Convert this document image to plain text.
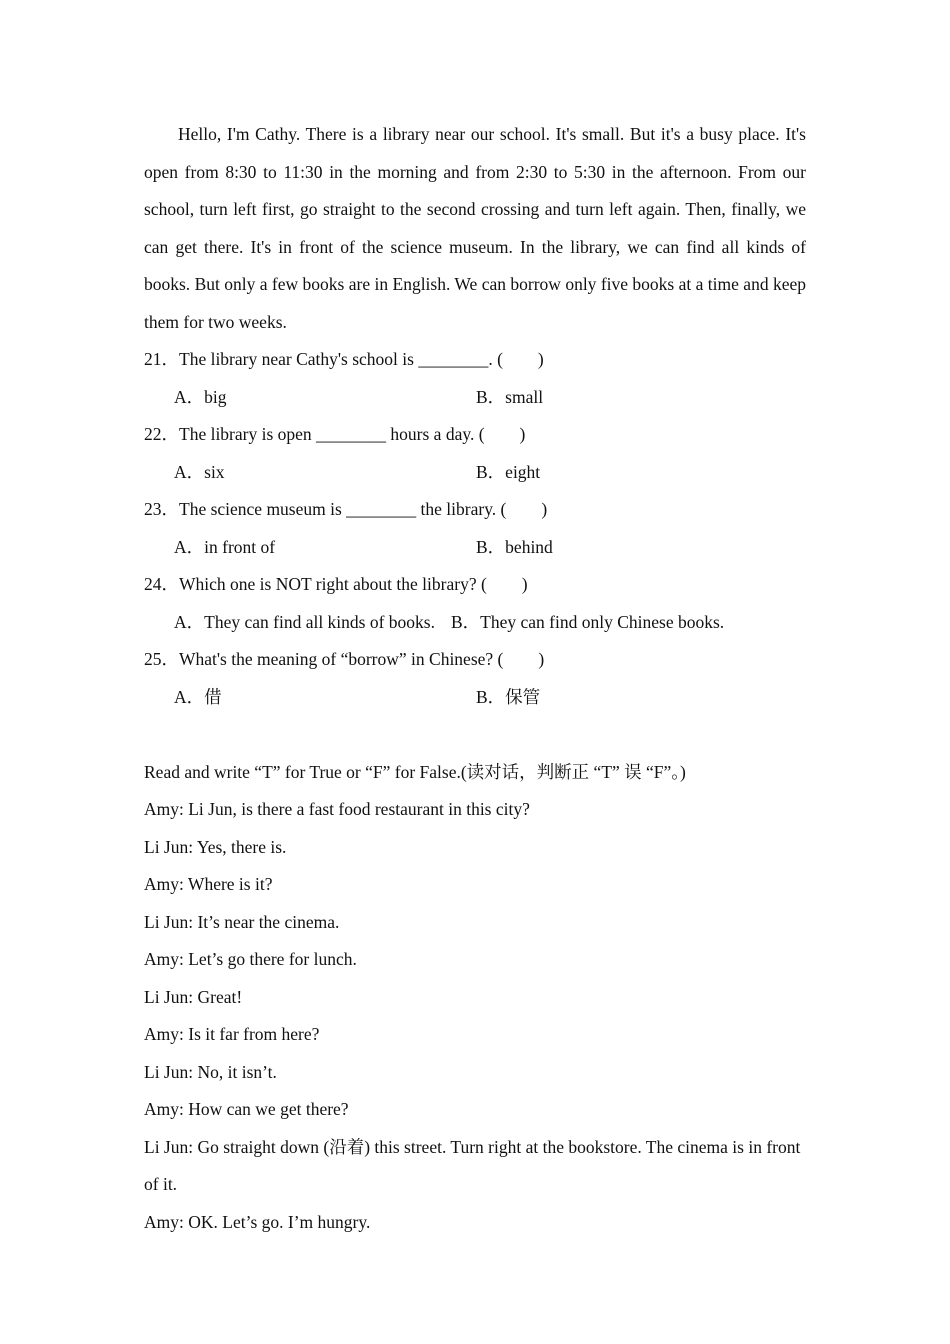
Hello, I'm Cathy. There is a library near our school. It's small. But it's a busy place. It's open from 8:30 to 11:30 in the morning and from 2:30 to 5:30 in the afternoon. From our school, turn left first, go straight to the second crossing and turn left again. Then, finally, we can get there. It's in front of the science museum. In the library, we can find all kinds of books. But only a few books are in English. We can borrow only five books at a time and keep them for two weeks.

21．The library near Cathy's school is ________. (　　)
A．big	B．small
22．The library is open ________ hours a day. (　　)
A．six	B．eight
23．The science museum is ________ the library. (　　)
A．in front of	B．behind
24．Which one is NOT right about the library? (　　)
A．They can find all kinds of books. B．They can find only Chinese books.
25．What's the meaning of “borrow” in Chinese? (　　)
A．借	B．保管
Read and write “T” for True or “F” for False.(读对话，判断正 “T” 误 “F”。)
Amy: Li Jun, is there a fast food restaurant in this city?
Li Jun: Yes, there is.
Amy: Where is it?
Li Jun: It’s near the cinema.
Amy: Let’s go there for lunch.
Li Jun: Great!
Amy: Is it far from here?
Li Jun: No, it isn’t.
Amy: How can we get there?
Li Jun: Go straight down (沿着) this street. Turn right at the bookstore. The cinema is in front of it.
Amy: OK. Let’s go. I’m hungry.
